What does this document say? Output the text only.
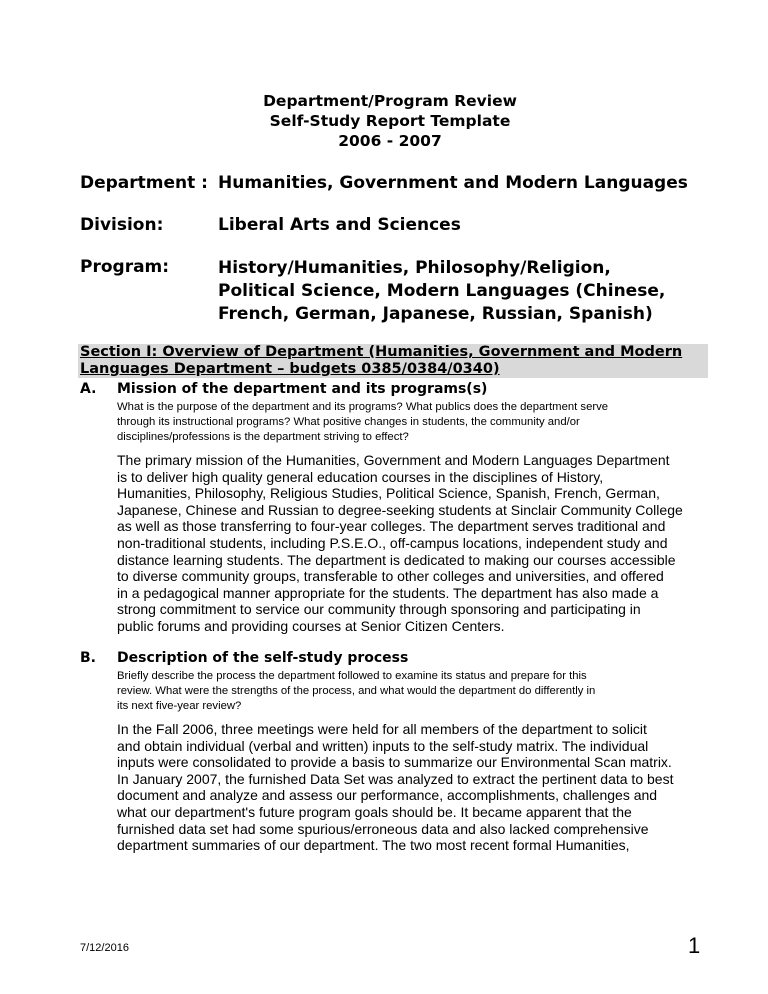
Department/Program Review
Self-Study Report Template
2006 - 2007
Department : Humanities, Government and Modern Languages
Division:	Liberal Arts and Sciences
Program:	History/Humanities, Philosophy/Religion,
Political Science, Modern Languages (Chinese,
French, German, Japanese, Russian, Spanish)
Section I: Overview of Department (Humanities, Government and Modern
Languages Department – budgets 0385/0384/0340)
A. Mission of the department and its programs(s)
What is the purpose of the department and its programs? What publics does the department serve
through its instructional programs? What positive changes in students, the community and/or
disciplines/professions is the department striving to effect?
The primary mission of the Humanities, Government and Modern Languages Department
is to deliver high quality general education courses in the disciplines of History,
Humanities, Philosophy, Religious Studies, Political Science, Spanish, French, German,
Japanese, Chinese and Russian to degree-seeking students at Sinclair Community College
as well as those transferring to four-year colleges. The department serves traditional and
non-traditional students, including P.S.E.O., off-campus locations, independent study and
distance learning students. The department is dedicated to making our courses accessible
to diverse community groups, transferable to other colleges and universities, and offered
in a pedagogical manner appropriate for the students. The department has also made a
strong commitment to service our community through sponsoring and participating in
public forums and providing courses at Senior Citizen Centers.
B. Description of the self-study process
Briefly describe the process the department followed to examine its status and prepare for this
review. What were the strengths of the process, and what would the department do differently in
its next five-year review?
In the Fall 2006, three meetings were held for all members of the department to solicit
and obtain individual (verbal and written) inputs to the self-study matrix. The individual
inputs were consolidated to provide a basis to summarize our Environmental Scan matrix.
In January 2007, the furnished Data Set was analyzed to extract the pertinent data to best
document and analyze and assess our performance, accomplishments, challenges and
what our department's future program goals should be. It became apparent that the
furnished data set had some spurious/erroneous data and also lacked comprehensive
department summaries of our department. The two most recent formal Humanities,
7/12/2016	1
